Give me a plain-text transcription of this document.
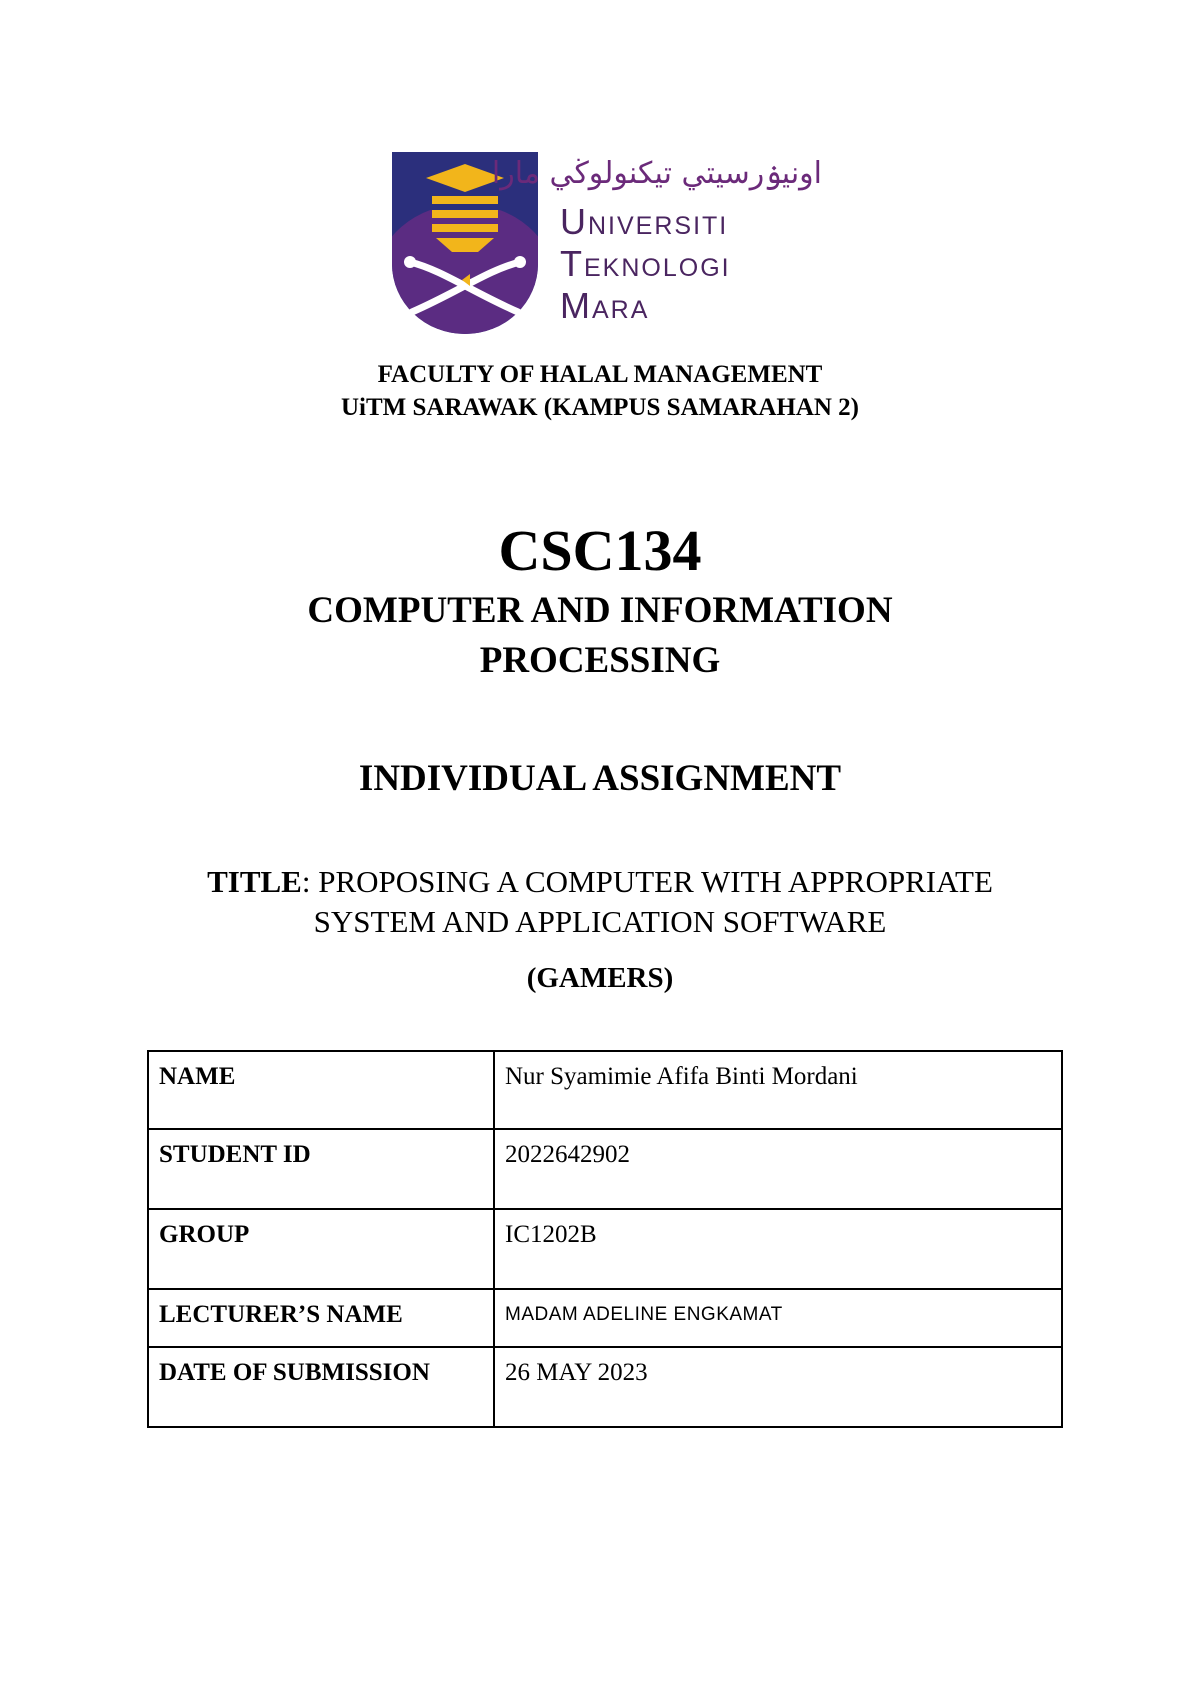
اونيۏرسيتي تيكنولوڬي مارا
Universiti
Teknologi
Mara
FACULTY OF HALAL MANAGEMENT
UiTM SARAWAK (KAMPUS SAMARAHAN 2)
CSC134
COMPUTER AND INFORMATION
PROCESSING
INDIVIDUAL ASSIGNMENT
TITLE: PROPOSING A COMPUTER WITH APPROPRIATE
SYSTEM AND APPLICATION SOFTWARE
(GAMERS)
NAME	Nur Syamimie Afifa Binti Mordani
STUDENT ID	2022642902
GROUP	IC1202B
LECTURER’S NAME	MADAM ADELINE ENGKAMAT
DATE OF SUBMISSION	26 MAY 2023
